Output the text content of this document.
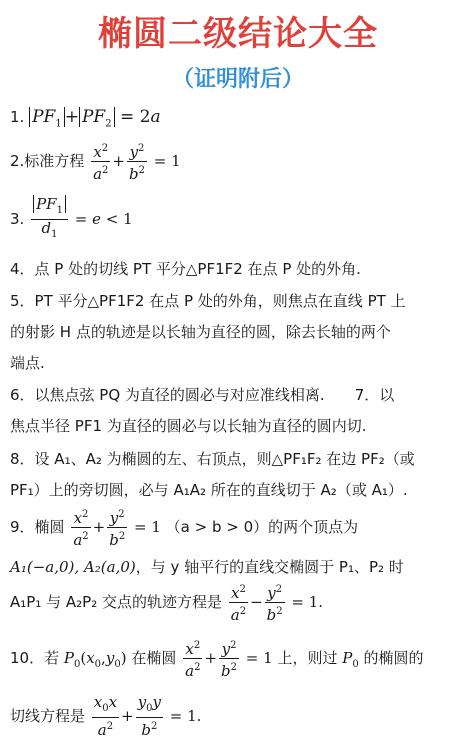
椭圆二级结论大全
（证明附后）
1. $PF_1 + PF_2 = 2a$
2.标准方程 $\frac{x^2}{a^2} + \frac{y^2}{b^2} = 1$
3. $\frac{PF_1}{d_1} = e < 1$
4．点 P 处的切线 PT 平分△PF1F2 在点 P 处的外角.
5．PT 平分△PF1F2 在点 P 处的外角，则焦点在直线 PT 上
的射影 H 点的轨迹是以长轴为直径的圆，除去长轴的两个
端点.
6．以焦点弦 PQ 为直径的圆必与对应准线相离.　　7．以
焦点半径 PF1 为直径的圆必与以长轴为直径的圆内切.
8．设 A₁、A₂ 为椭圆的左、右顶点，则△PF₁F₂ 在边 PF₂（或
PF₁）上的旁切圆，必与 A₁A₂ 所在的直线切于 A₂（或 A₁）.
9．椭圆 $\frac{x^2}{a^2} + \frac{y^2}{b^2} = 1$ （a > b > 0）的两个顶点为
A₁(−a,0), A₂(a,0)，与 y 轴平行的直线交椭圆于 P₁、P₂ 时
A₁P₁ 与 A₂P₂ 交点的轨迹方程是 $\frac{x^2}{a^2} - \frac{y^2}{b^2} = 1$.
10．若 $P_0(x_0,y_0)$ 在椭圆 $\frac{x^2}{a^2} + \frac{y^2}{b^2} = 1$ 上，则过 $P_0$ 的椭圆的
切线方程是 $\frac{x_0x}{a^2} + \frac{y_0y}{b^2} = 1$.
